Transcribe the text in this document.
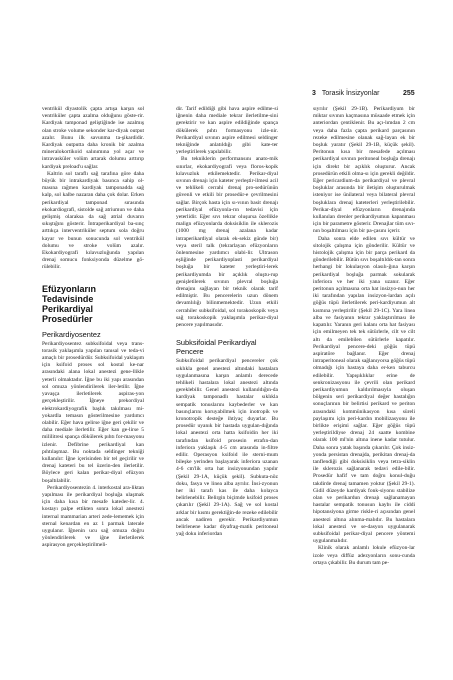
3 Torasik İnsizyonlar	255

ventrikül diyastolik çapta artışa karşın sol ventriküler çapta azalma olduğunu göste-rir. Kardiyak tamponad geliştiğinde ise azalmış olan stroke volume sekonder kar-diyak output azalır. Bunu ilk savunma ta-şikardidir. Kardiyak outputta daha kronik bir azalma mineralokortikoid salınımına yol açar ve intravasküler volüm artarak dolumu arttırıp kardiyak preload'u sağlar.

Kaltrin sol taraflı sağ tarafına göre daha büyük bir intrakardiyak basınca sahip ol-masına rağmen kardiyak tamponadda sağ kalp, sol kalbe nazaran daha çok dolar. Erken perikardiyal tamponad sırasında ekokardiografi, sistolde sağ atriumun ve daha gelişmiş olaraksa da sağ atrial duvarın sıkıştığını gösterir. İntraperikardiyal ba-sınç arttıkça interventriküler septum sola doğru kayar ve bunun sonucunda sol ventrikül dolumu ve stroke volüm azalır. Ekokardiyografi kılavuzluğunda yapılan drenaj somucu fonksiyonda düzelme gö-rülebilir.

Efüzyonların Tedavisinde Perikardiyal Prosedürler
Perikardiyosentez

Perikardiyosentez subksifoidal veya trans-torasik yaklaşımla yapılan tanısal ve teda-vi amaçlı bir prosedürdür. Subksifoidal yaklaşım için ksifoid proses sol kostal ke-nar arasındaki alana lokal anestezi gene-llikle yeterli olmaktadır. İğne bu iki yapı arasından sol omuza yönlendirilerek iler-letilir. İğne yavaşça ilerletilerek aspiras-yon gerçekleştirilir. İğneye prekordiyal elektrokardiyografik başlık takılması mi-yokardla temasın gösterilmesine yardımcı olabilir. Eğer hava gelirse iğne geri çekilir ve daha medialе ilerletilir. Eğer kan ge-lirse 5 mililitresi spançа dökülerek pıhtı for-masyonu izlenir. Defibrine perikardiyal kan pıhtılaşmaz. Bu noktada seldinger tekniği kullanılır: İğne içerisinden bir tel geçirilir ve drenaj kateteri bu tel üzerin-den ilerletilir. Böylece geri kalan perikar-diyal efüzyon boşaltılabilir.

Perikardiyosentezin 4. interkostal ara-liktan yapılması ile perikardiyal boşluğa ulaşmak için daha kısa bir mesafe kateder-lir. 4. kostayı palpe ettikten sonra lokal anestezi internal mammarian arteri zede-lememek için sternal kenardan en az 1 parmak lateralе uygulanır. İğnenin ucu sağ omuza doğru yönlendirilerek ve iğne ilerletilerek aspirasyon gerçekleştirilmeli-

dir. Tarif edildiği gibi hava aspire edilme-si iğnenin daha mediale tekrar ilerletilme-sini gerektirir ve kan aspire edildiğinde spançа dökülerek pıhtı formasyonu izle-nir. Perikardiyal sıvının aspire edilmesi seldinger tekniğinde anlatıldığı gibi kate-ter yerleştirilerek yapılabilir.

Bu tekniklerin performansını anato-mik sınırlar, ekokardiyografi veya floros-kopik kılavuzluk etkilemektedir. Perikar-diyal sıvının drenajı için kateter yerleştir-ilmesi acil ve tehlikeli cerrahi drenaj pro-sedürünün güvenli ve etkili bir prosedür-e çevrilmesini sağlar. Birçok hasta için sı-vının basit drenajı perikardiyal efüzyonla-rın tedavisi için yeterlidir. Eğer sıvı tekrar oluşursa özellikle malign efüzyonlarda doksisiklin ile sklerozis (1000 mg drenaj azalana kadar intraperikardiyal olarak ek-sekiz günde bir) veya steril talk (tekrarlayan efüzyonların önlenmesine yardımcı olabi-lir. Ultrason eşliğinde perikardiyoplasti perikardiyal boşluğa bir kateter yerleştiri-lerek perikardiyumda bir açıklık oluştu-rup genişletilerek sıvının plevral boşluğa drenajını sağlayan bir teknik olarak tarif edilmiştir. Bu pencerelerin uzun dönem devamlılığı bilinmemektedir. Uzun etkili cerrahiler subksifoidal, sol torakoskopik veya sağ torakoskopik yaklaşımla perikar-diyal pencere yapılmasıdır.

Subksifoidal Perikardiyal Pencere

Subksifoidal perikardiyal pencereler çok sıklıkla genel anestezi altındaki hastalara uygulanmasına karşın anlamlı derecede tehlikeli hastalara lokal anestezi altında gereklebilir. Genel anestezi kullanıldığın-da kardiyak tamponadlı hastalar sıklıkla sempatik tonuslarını kaybederler ve kan basınçlarını koruyabilmek için inotropik ve kronotropik desteğe ihtiyaç duyarlar. Bu prosedür uyanık bir hastada uygulan-dığında lokal anestezi orta hatta ksifoidin her iki tarafından ksifoid prosesin etrafın-dan inferiora yaklaşık 4-5 cm arasında in-filtre edilir. Operasyon ksifoid ile sterni-mum bileşke yerinden başlayarak inferiora uzanan 4-6 cm'lik orta hat insizyonundan yapılır (Şekil 29-1A, küçük şekil). Subkuta-nöz doku, fasya ve linea alba ayrılır. İnsi-zyonun her iki tarafı kas ile daha kolayca belirlenebilir. Belirgin biçimde ksifoid proses çıkarılır (Şekil 29-1A). Sağ ve sol kostal arklar bir kısmı gerektiğin-de rezeke edilebilir ancak nadiren gerekir. Perikardiyumun belirlenene kadar diyafrag-matik peritoneal yağ doku inferiordan

sıyrılır (Şekil 29-1B). Perikardiyum bir miktar sıvının kaçmasına müsaade etmek için anteriordan çentiklenir. Bu açı-lımdan 2 cm veya daha fazla çapta perikard parçasının rezeke edilmesine olanak sağ-layan ek bir boşluk yaratır (Şekil 29-1B, küçük şekil). Peritonun kısa bir mesafede açılması perikardiyal sıvının peritoneal boşluğa drenajı için direkt bir açıklık oluşturur. Ancak prosedürün etkili olma-sı için gerekli değildir. Eğer pericardium-da perikardiyal ve plevral boşluklar arasında bir iletişim oluşturulmak isteniyor ise ünilateral veya bilateral plevral boşluklara drenaj kateterleri yerleştirilebilir. Perikar-diyal efüzyonların drenajında kullanılan drenler perikardiyumun kapanması için bir parametre gösterir. Drenajlar tüm sıvı- nın boşaltılması için bir pa-çasını içerir.

Daha sonra elde edilen sıvı kültür ve sitolojik çalışma için gönderilir. Kültür ve histolojik çalışma için bir parça perikard da gönderilebilir. Bütün sıvı boşaltıldık-tan sonra herhangi bir lokulasyon olasılı-ğına karşın perikardiyal boşluğa parmak sokularak inferiora ve her iki yana uzanır. Eğer peritonun açılmasına orta hat insizyo-nun her iki tarafından yapılan insizyon-lardan açılı göğüs tüpü ilerletilerek peri-kardiyumun alt kısmına yerleştirilir (Şekil 29-1C). Yara lineа alba ve fasiyanın tekrar yaklaştırılması ile kapatılır. Yaranın geri kalanı orta hat fasiyası için emilmeyen tek tek sütürlerle, cilt ve cilt altı da emilebilen sütürlerle kapatılır. Perikardiyal pencere-deki göğüs tüpü aspiratöre bağlanır. Eğer drenaj intraperitoneal olarak sağlanıyorsa göğüs tüpü olmadığı için hastaya daha er-ken taburcu edilebilir. Yapışıklıklar erine de senkronizasyonu ile çevrili olan perikard perikardiyumun kaldırılmasıyla oluşan bölgenin seri perikardiyal değer hastalığın sonuçlarının bir belirtisi perikard ve periton arasındaki kommünikasyon kısa süreli paylaşımı için peri-kardın mobilizasyonu ile birlikte erişimi sağlar. Eğer göğüs tüpü yerleştirildiyse drenaj 24 saatte kombine olarak 100 ml'nin altına inene kadar tutulur. Daha sonra yatak başında çıkarılır. Çok insiz-yonda persistan drenajda, perikitan drenaj-da tanflendiği gibi doksisiklin veya tetra-siklin ile sklerozis sağlanarak tedavi edile-bilir. Prosedür hafif ve tam doğru konul-duğu takdirde drenaj tamamen yoktur (Şekil 29-1). Gidil düzeyde kardiyak fonk-siyonu stabilize olan ve perikardun drenajı sağlanamayan hastalar sempatik tonusun kaybı ile ciddi hipotansiyona girme riskle-ri açısından genel anestezi altına alınma-malıdır. Bu hastalara lokal anestezi ve se-dasyon uygulanarak subksifoidal perikar-diyal pencere yöntemi uygulanmalıdır.

Klinik olarak anlamlı lokule efüzyon-lar izole veya diffüz adezyonların sonu-cunda ortaya çıkabilir. Bu durum tam pe-
